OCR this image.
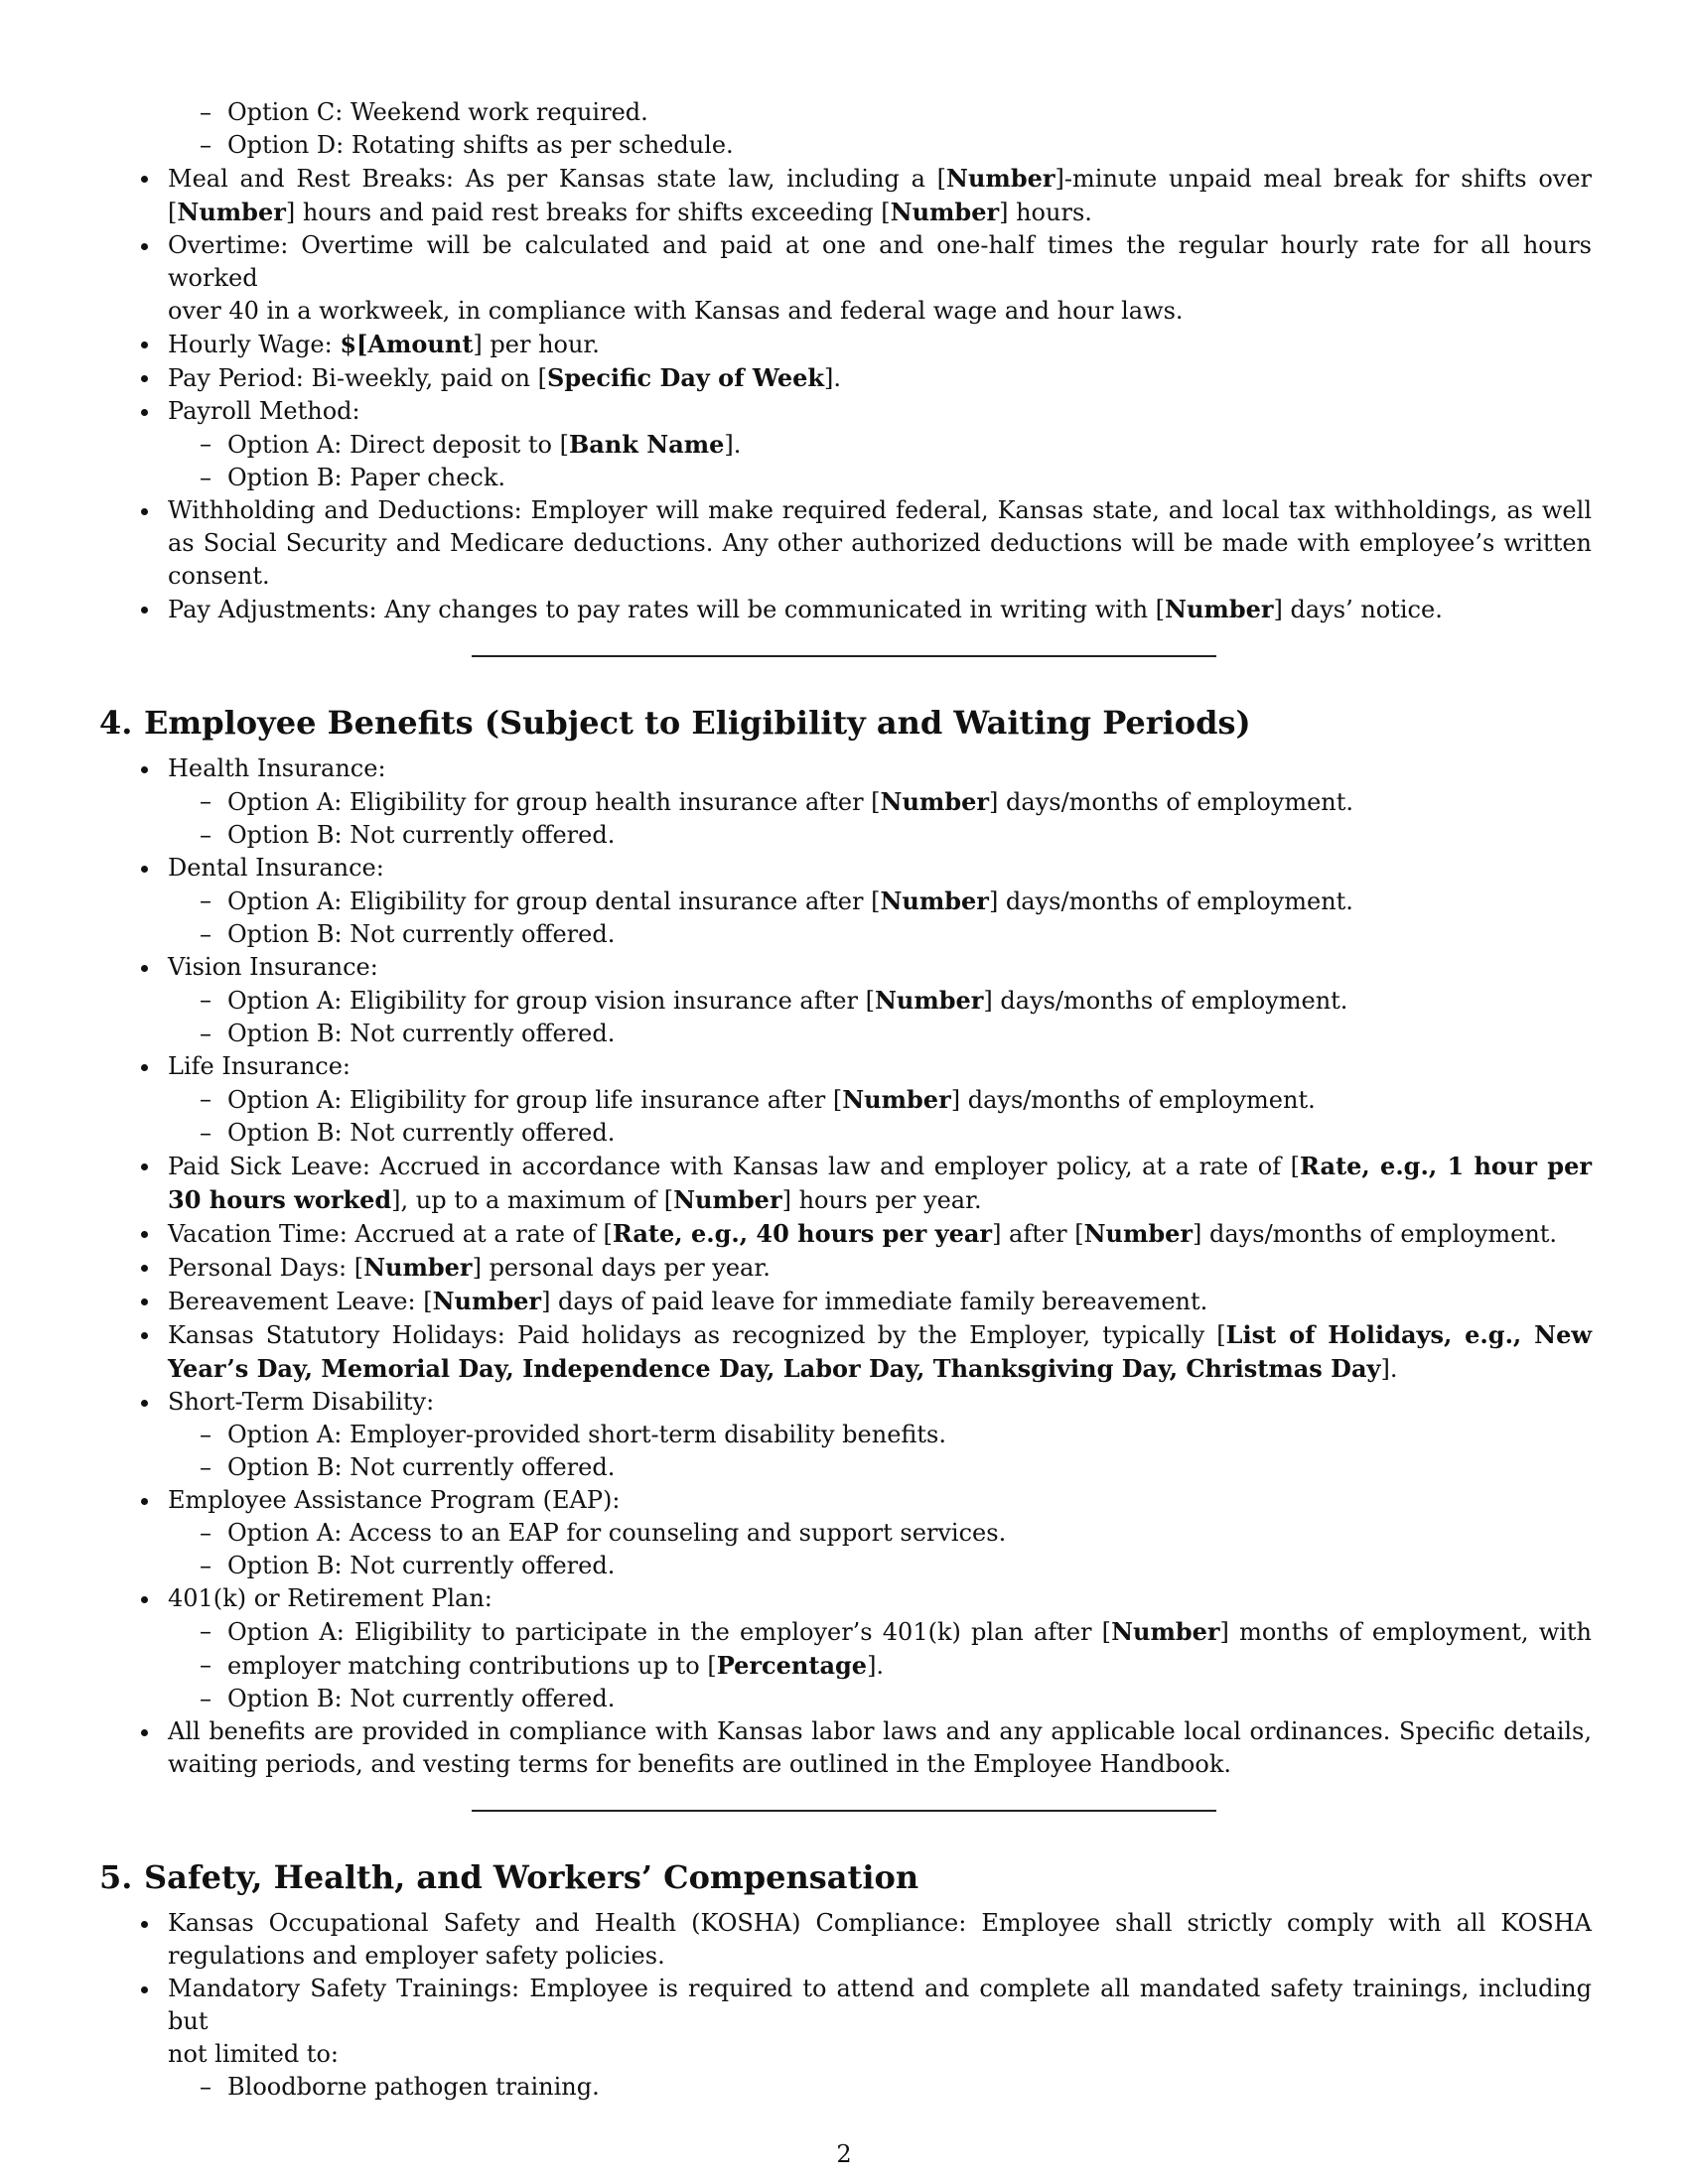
– Option C: Weekend work required.
– Option D: Rotating shifts as per schedule.
Meal and Rest Breaks: As per Kansas state law, including a [Number]-minute unpaid meal break for shifts over
[Number] hours and paid rest breaks for shifts exceeding [Number] hours.
Overtime: Overtime will be calculated and paid at one and one-half times the regular hourly rate for all hours worked
over 40 in a workweek, in compliance with Kansas and federal wage and hour laws.
Hourly Wage: $[Amount] per hour.
Pay Period: Bi-weekly, paid on [Specific Day of Week].
Payroll Method:
– Option A: Direct deposit to [Bank Name].
– Option B: Paper check.
Withholding and Deductions: Employer will make required federal, Kansas state, and local tax withholdings, as well
as Social Security and Medicare deductions. Any other authorized deductions will be made with employee’s written
consent.
Pay Adjustments: Any changes to pay rates will be communicated in writing with [Number] days’ notice.
4. Employee Benefits (Subject to Eligibility and Waiting Periods)
Health Insurance:
– Option A: Eligibility for group health insurance after [Number] days/months of employment.
– Option B: Not currently offered.
Dental Insurance:
– Option A: Eligibility for group dental insurance after [Number] days/months of employment.
– Option B: Not currently offered.
Vision Insurance:
– Option A: Eligibility for group vision insurance after [Number] days/months of employment.
– Option B: Not currently offered.
Life Insurance:
– Option A: Eligibility for group life insurance after [Number] days/months of employment.
– Option B: Not currently offered.
Paid Sick Leave: Accrued in accordance with Kansas law and employer policy, at a rate of [Rate, e.g., 1 hour per
30 hours worked], up to a maximum of [Number] hours per year.
Vacation Time: Accrued at a rate of [Rate, e.g., 40 hours per year] after [Number] days/months of employment.
Personal Days: [Number] personal days per year.
Bereavement Leave: [Number] days of paid leave for immediate family bereavement.
Kansas Statutory Holidays: Paid holidays as recognized by the Employer, typically [List of Holidays, e.g., New
Year’s Day, Memorial Day, Independence Day, Labor Day, Thanksgiving Day, Christmas Day].
Short-Term Disability:
– Option A: Employer-provided short-term disability benefits.
– Option B: Not currently offered.
Employee Assistance Program (EAP):
– Option A: Access to an EAP for counseling and support services.
– Option B: Not currently offered.
401(k) or Retirement Plan:
– Option A: Eligibility to participate in the employer’s 401(k) plan after [Number] months of employment, with
– employer matching contributions up to [Percentage].
– Option B: Not currently offered.
All benefits are provided in compliance with Kansas labor laws and any applicable local ordinances. Specific details,
waiting periods, and vesting terms for benefits are outlined in the Employee Handbook.
5. Safety, Health, and Workers’ Compensation
Kansas Occupational Safety and Health (KOSHA) Compliance: Employee shall strictly comply with all KOSHA
regulations and employer safety policies.
Mandatory Safety Trainings: Employee is required to attend and complete all mandated safety trainings, including but
not limited to:
– Bloodborne pathogen training.
2
